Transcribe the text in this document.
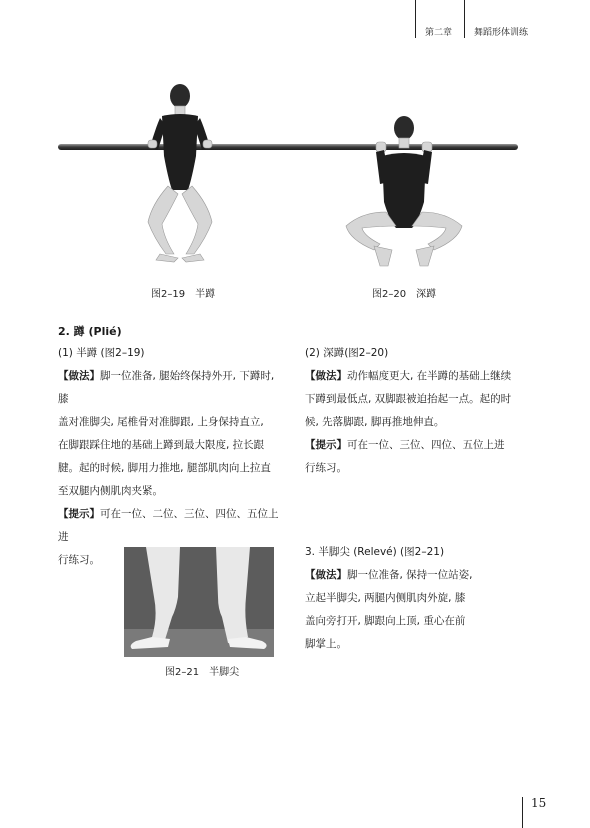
第二章 舞蹈形体训练
图2–19　半蹲	图2–20　深蹲
2. 蹲 (Plié)

(1) 半蹲 (图2–19)

【做法】脚一位准备, 腿始终保持外开, 下蹲时, 膝

盖对准脚尖, 尾椎骨对准脚跟, 上身保持直立,

在脚跟踩住地的基础上蹲到最大限度, 拉长跟

腱。起的时候, 脚用力推地, 腿部肌肉向上拉直

至双腿内侧肌肉夹紧。

【提示】可在一位、二位、三位、四位、五位上进

行练习。

(2) 深蹲(图2–20)

【做法】动作幅度更大, 在半蹲的基础上继续

下蹲到最低点, 双脚跟被迫抬起一点。起的时

候, 先落脚跟, 脚再推地伸直。

【提示】可在一位、三位、四位、五位上进

行练习。

图2–21　半脚尖

3. 半脚尖 (Relevé) (图2–21)

【做法】脚一位准备, 保持一位站姿,

立起半脚尖, 两腿内侧肌肉外旋, 膝

盖向旁打开, 脚跟向上顶, 重心在前

脚掌上。

15
